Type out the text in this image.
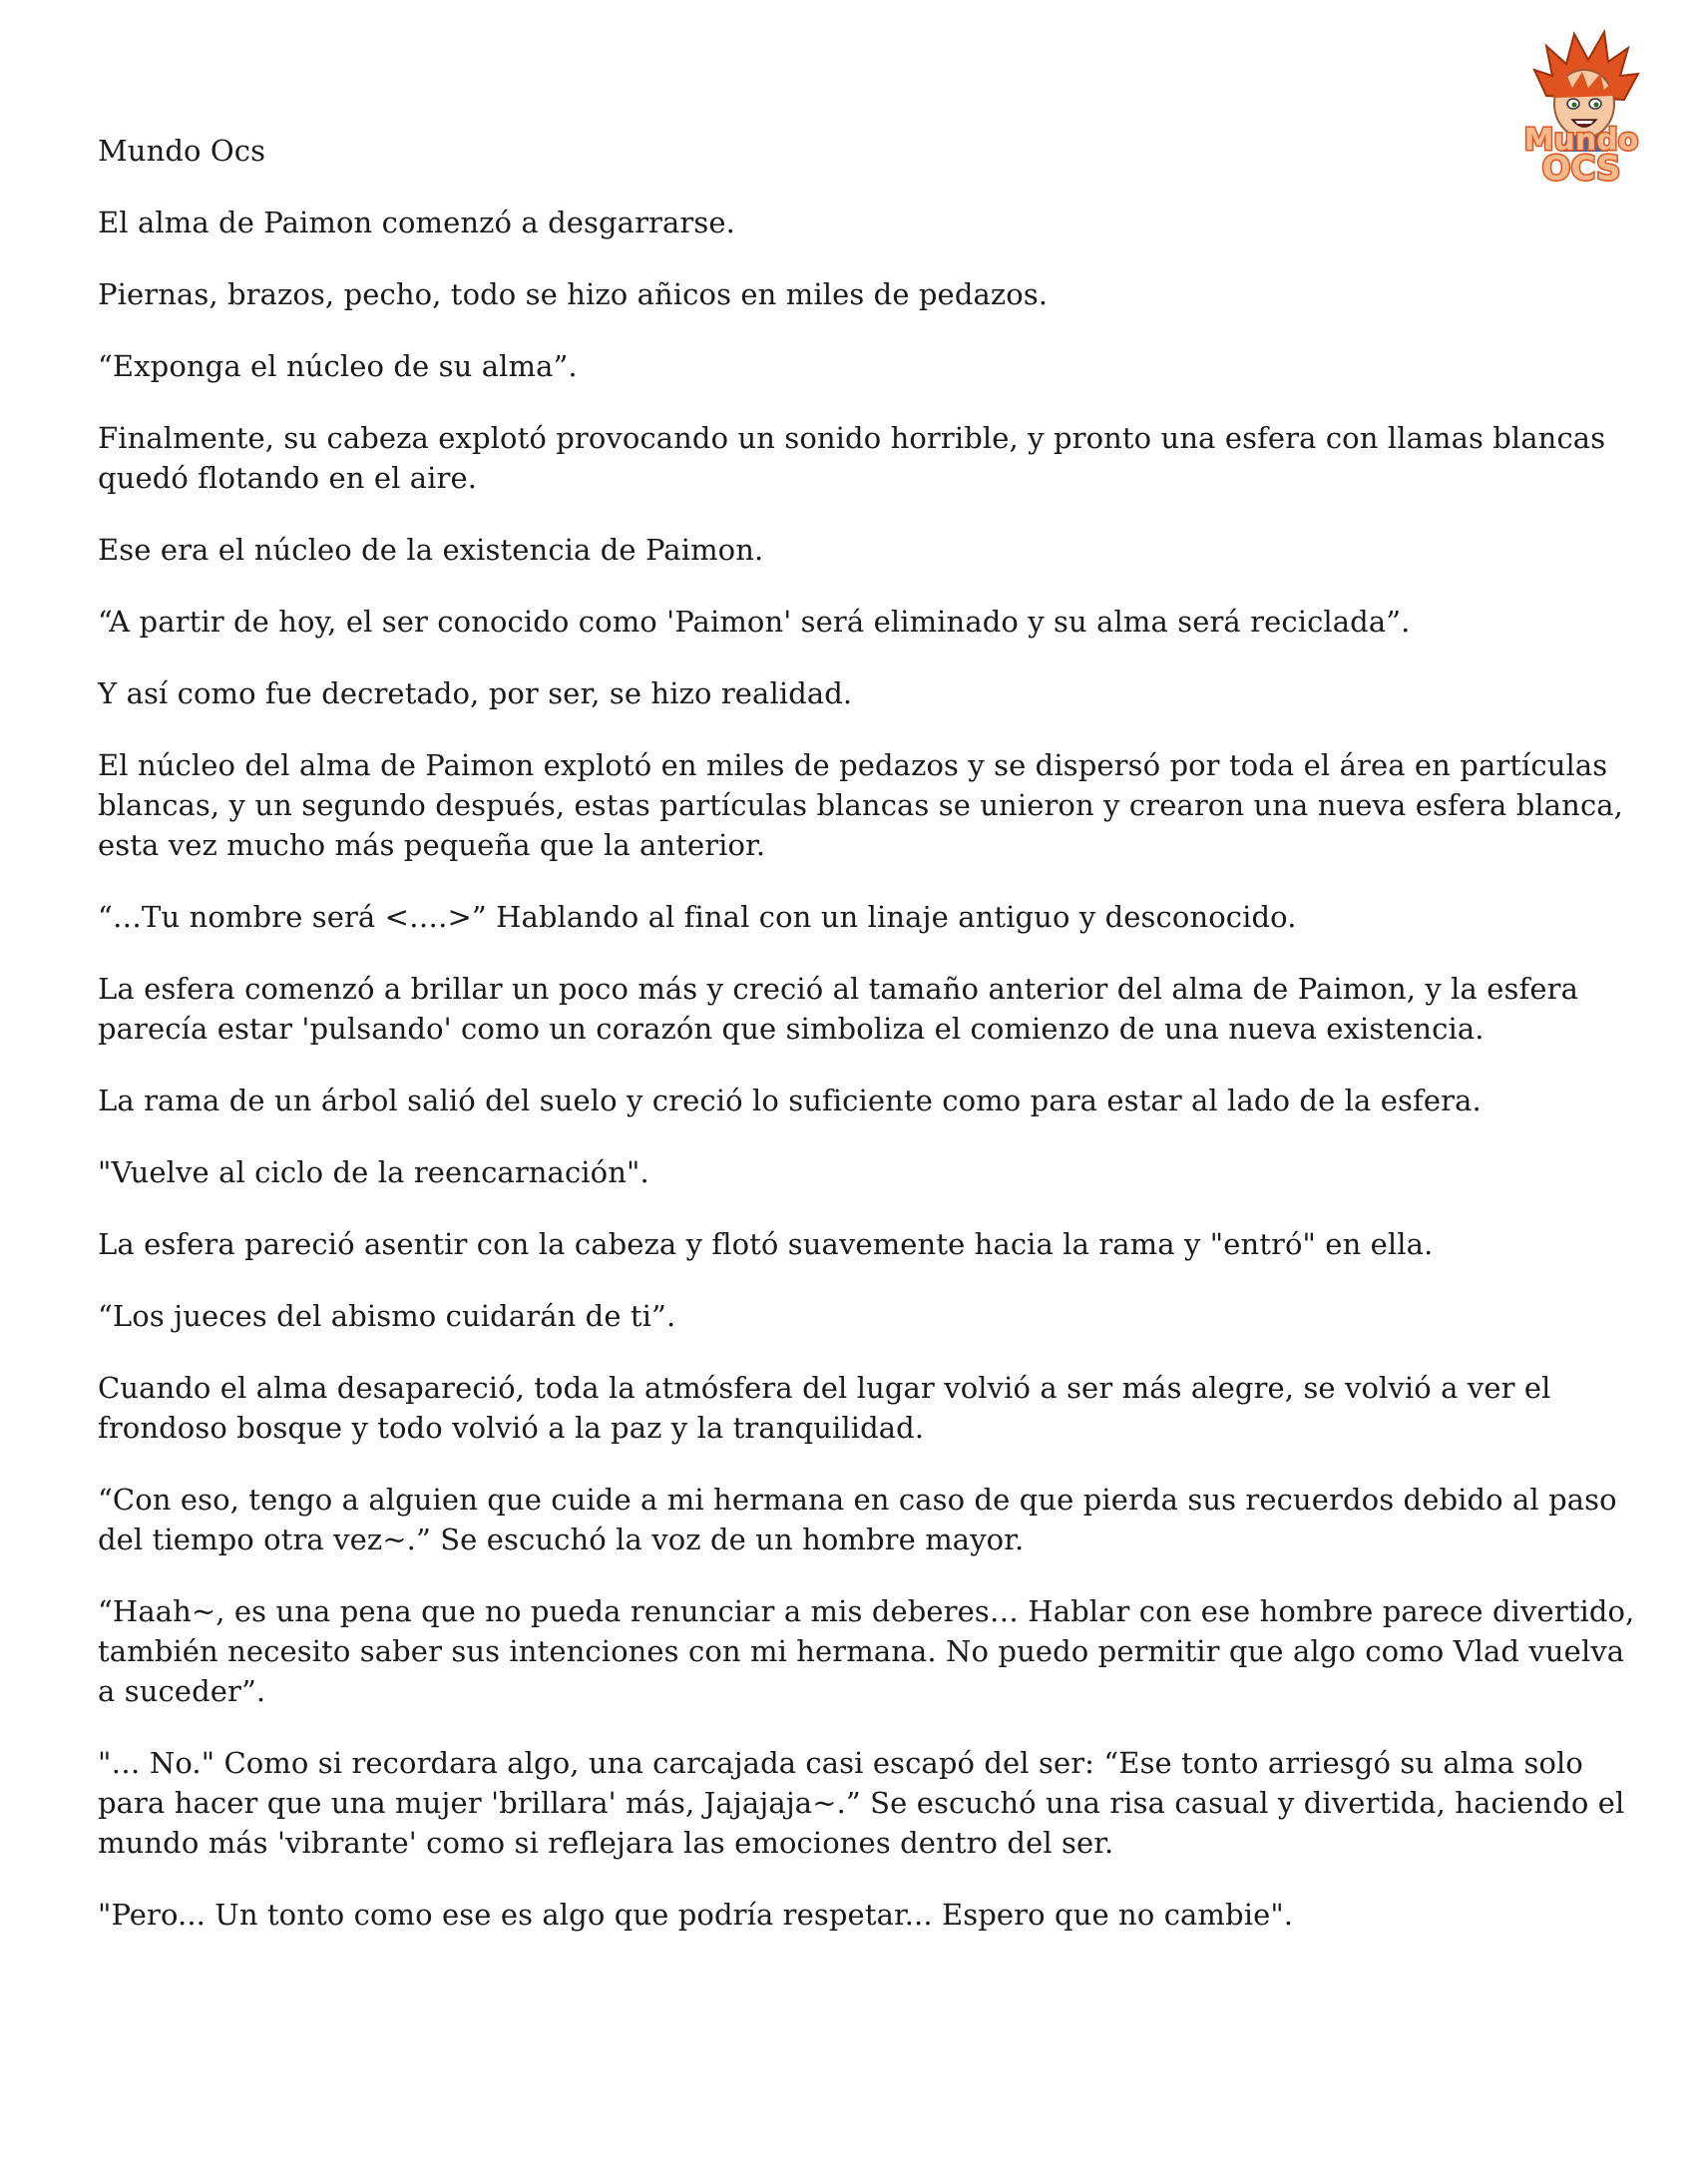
Mundo
OCS

Mundo Ocs

El alma de Paimon comenzó a desgarrarse.

Piernas, brazos, pecho, todo se hizo añicos en miles de pedazos.

“Exponga el núcleo de su alma”.

Finalmente, su cabeza explotó provocando un sonido horrible, y pronto una esfera con llamas blancas quedó flotando en el aire.

Ese era el núcleo de la existencia de Paimon.

“A partir de hoy, el ser conocido como 'Paimon' será eliminado y su alma será reciclada”.

Y así como fue decretado, por ser, se hizo realidad.

El núcleo del alma de Paimon explotó en miles de pedazos y se dispersó por toda el área en partículas blancas, y un segundo después, estas partículas blancas se unieron y crearon una nueva esfera blanca, esta vez mucho más pequeña que la anterior.

“…Tu nombre será <….>” Hablando al final con un linaje antiguo y desconocido.

La esfera comenzó a brillar un poco más y creció al tamaño anterior del alma de Paimon, y la esfera parecía estar 'pulsando' como un corazón que simboliza el comienzo de una nueva existencia.

La rama de un árbol salió del suelo y creció lo suficiente como para estar al lado de la esfera.

"Vuelve al ciclo de la reencarnación".

La esfera pareció asentir con la cabeza y flotó suavemente hacia la rama y "entró" en ella.

“Los jueces del abismo cuidarán de ti”.

Cuando el alma desapareció, toda la atmósfera del lugar volvió a ser más alegre, se volvió a ver el frondoso bosque y todo volvió a la paz y la tranquilidad.

“Con eso, tengo a alguien que cuide a mi hermana en caso de que pierda sus recuerdos debido al paso del tiempo otra vez~.” Se escuchó la voz de un hombre mayor.

“Haah~, es una pena que no pueda renunciar a mis deberes… Hablar con ese hombre parece divertido, también necesito saber sus intenciones con mi hermana. No puedo permitir que algo como Vlad vuelva a suceder”.

"… No." Como si recordara algo, una carcajada casi escapó del ser: “Ese tonto arriesgó su alma solo para hacer que una mujer 'brillara' más, Jajajaja~.” Se escuchó una risa casual y divertida, haciendo el mundo más 'vibrante' como si reflejara las emociones dentro del ser.

"Pero... Un tonto como ese es algo que podría respetar... Espero que no cambie".
